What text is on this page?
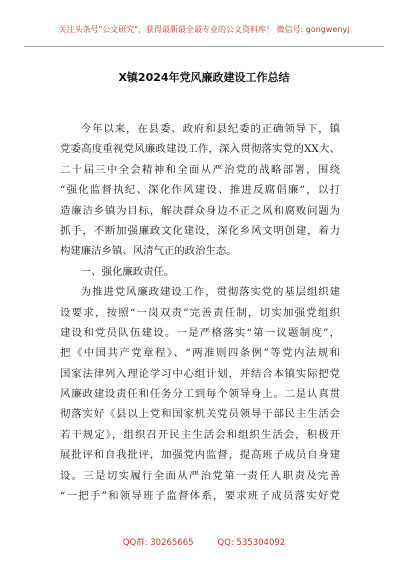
关注头条号"公文研究"，获得最新最全最专业的公文资料库！ 微信号: gongwenyj
X镇2024年党风廉政建设工作总结
今年以来，在县委、政府和县纪委的正确领导下，镇
党委高度重视党风廉政建设工作，深入贯彻落实党的XX大、
二十届三中全会精神和全面从严治党的战略部署，围绕
“强化监督执纪、深化作风建设、推进反腐倡廉”，以打
造廉洁乡镇为目标，解决群众身边不正之风和腐败问题为
抓手，不断加强廉政文化建设，深化乡风文明创建，着力
构建廉洁乡镇、风清气正的政治生态。
一、强化廉政责任。
为推进党风廉政建设工作，贯彻落实党的基层组织建
设要求，按照“一岗双责”完善责任制，切实加强党组织
建设和党员队伍建设。一是严格落实“第一议题制度”，
把《中国共产党章程》、“两准则四条例”等党内法规和
国家法律列入理论学习中心组计划，并结合本镇实际把党
风廉政建设责任和任务分工到每个领导身上。二是认真贯
彻落实好《县以上党和国家机关党员领导干部民主生活会
若干规定》，组织召开民主生活会和组织生活会，积极开
展批评和自我批评，加强党内监督，提高班子成员自身建
设。三是切实履行全面从严治党第一责任人职责及完善
“一把手”和领导班子监督体系，要求班子成员落实好党
QQ群: 30265665	QQ: 535304092
